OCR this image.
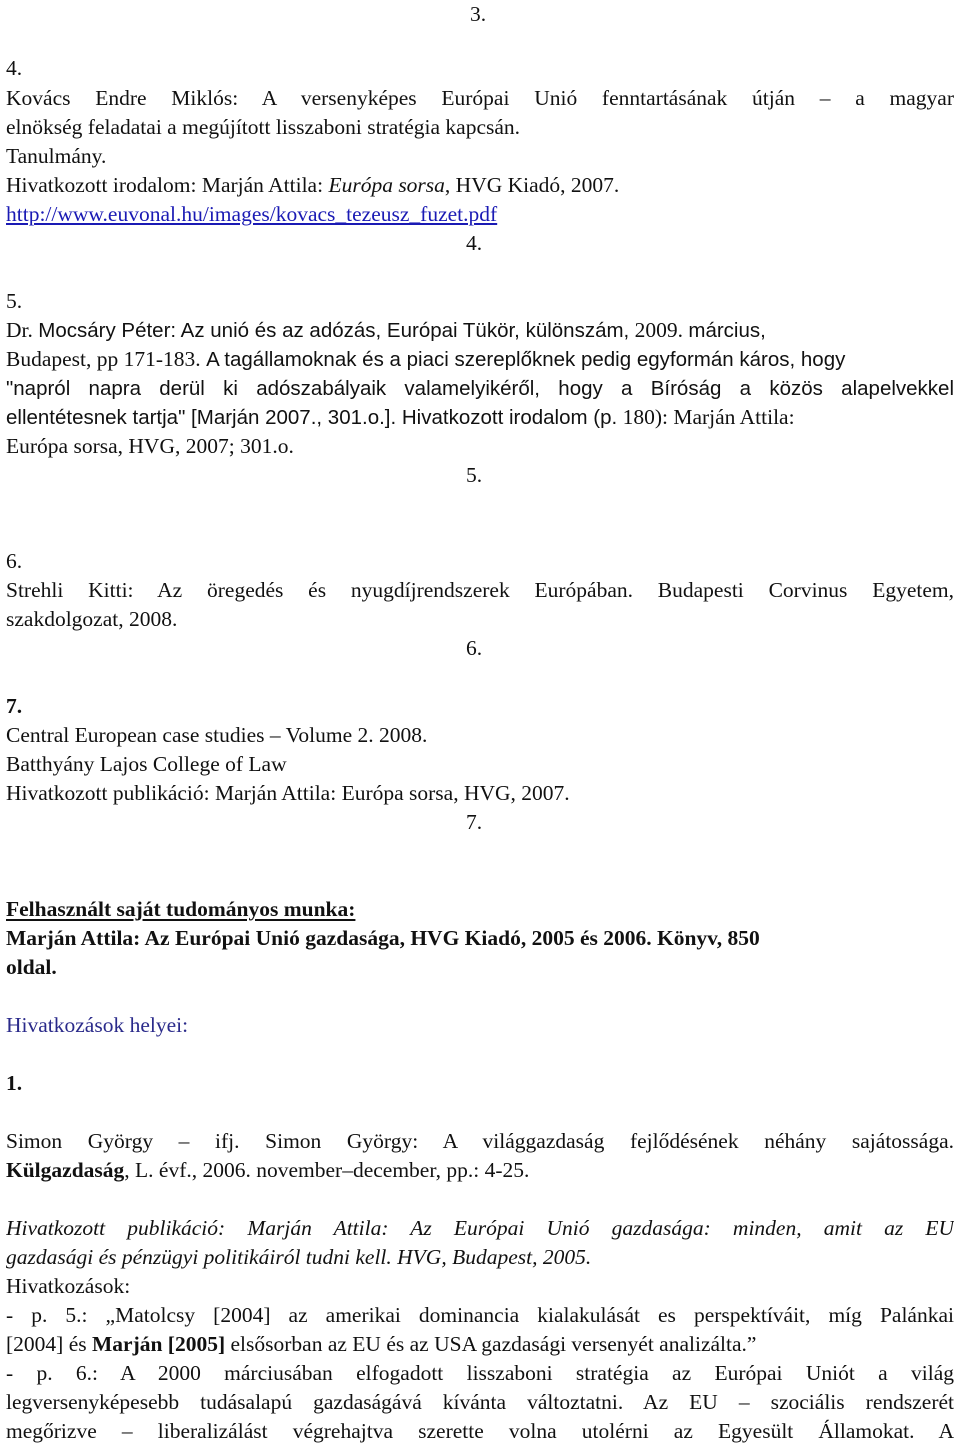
3.
4.
Kovács Endre Miklós: A versenyképes Európai Unió fenntartásának útján – a magyar
elnökség feladatai a megújított lisszaboni stratégia kapcsán.
Tanulmány.
Hivatkozott irodalom: Marján Attila: Európa sorsa, HVG Kiadó, 2007.
http://www.euvonal.hu/images/kovacs_tezeusz_fuzet.pdf
4.
5.
Dr. Mocsáry Péter: Az unió és az adózás, Európai Tükör, különszám, 2009. március,
Budapest, pp 171-183. A tagállamoknak és a piaci szereplőknek pedig egyformán káros, hogy
"napról napra derül ki adószabályaik valamelyikéről, hogy a Bíróság a közös alapelvekkel
ellentétesnek tartja" [Marján 2007., 301.o.]. Hivatkozott irodalom (p. 180): Marján Attila:
Európa sorsa, HVG, 2007; 301.o.
5.
6.
Strehli Kitti: Az öregedés és nyugdíjrendszerek Európában. Budapesti Corvinus Egyetem,
szakdolgozat, 2008.
6.
7.
Central European case studies – Volume 2. 2008.
Batthyány Lajos College of Law
Hivatkozott publikáció: Marján Attila: Európa sorsa, HVG, 2007.
7.
Felhasznált saját tudományos munka:
Marján Attila: Az Európai Unió gazdasága, HVG Kiadó, 2005 és 2006. Könyv, 850
oldal.
Hivatkozások helyei:
1.
Simon György – ifj. Simon György: A világgazdaság fejlődésének néhány sajátossága.
Külgazdaság, L. évf., 2006. november–december, pp.: 4-25.
Hivatkozott publikáció: Marján Attila: Az Európai Unió gazdasága: minden, amit az EU
gazdasági és pénzügyi politikáiról tudni kell. HVG, Budapest, 2005.
Hivatkozások:
- p. 5.: „Matolcsy [2004] az amerikai dominancia kialakulását es perspektíváit, míg Palánkai
[2004] és Marján [2005] elsősorban az EU és az USA gazdasági versenyét analizálta.”
- p. 6.: A 2000 márciusában elfogadott lisszaboni stratégia az Európai Uniót a világ
legversenyképesebb tudásalapú gazdaságává kívánta változtatni. Az EU – szociális rendszerét
megőrizve – liberalizálást végrehajtva szerette volna utolérni az Egyesült Államokat. A
